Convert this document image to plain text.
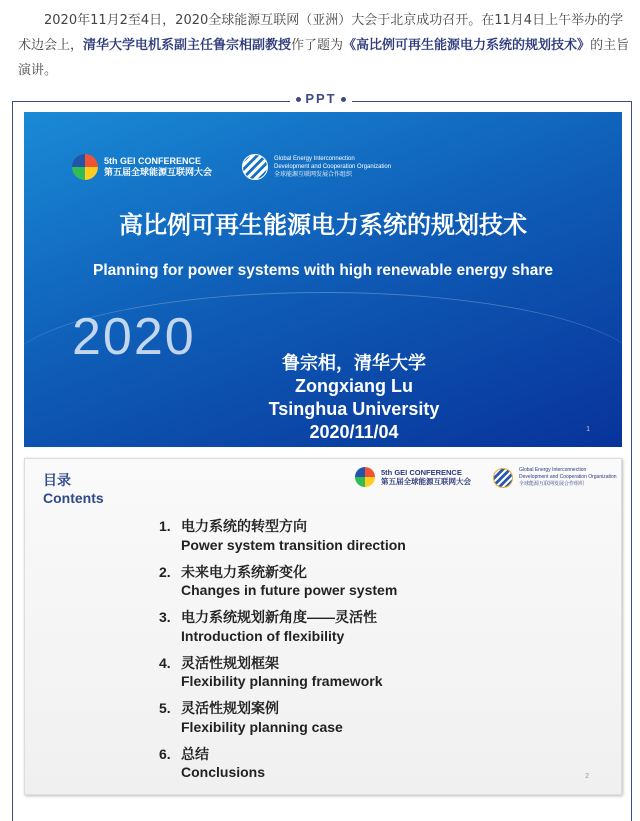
2020年11月2至4日，2020全球能源互联网（亚洲）大会于北京成功召开。在11月4日上午举办的学术边会上，清华大学电机系副主任鲁宗相副教授作了题为《高比例可再生能源电力系统的规划技术》的主旨演讲。

PPT
5th GEI CONFERENCE
第五届全球能源互联网大会
Global Energy Interconnection
Development and Cooperation Organization
全球能源互联网发展合作组织
高比例可再生能源电力系统的规划技术
Planning for power systems with high renewable energy share
2020	鲁宗相，清华大学
Zongxiang Lu
Tsinghua University
2020/11/04	1
目录
Contents
5th GEI CONFERENCE
第五届全球能源互联网大会
Global Energy Interconnection
Development and Cooperation Organization
全球能源互联网发展合作组织
1. 电力系统的转型方向
Power system transition direction
2. 未来电力系统新变化
Changes in future power system
3. 电力系统规划新角度——灵活性
Introduction of flexibility
4. 灵活性规划框架
Flexibility planning framework
5. 灵活性规划案例
Flexibility planning case
6. 总结
Conclusions	2
